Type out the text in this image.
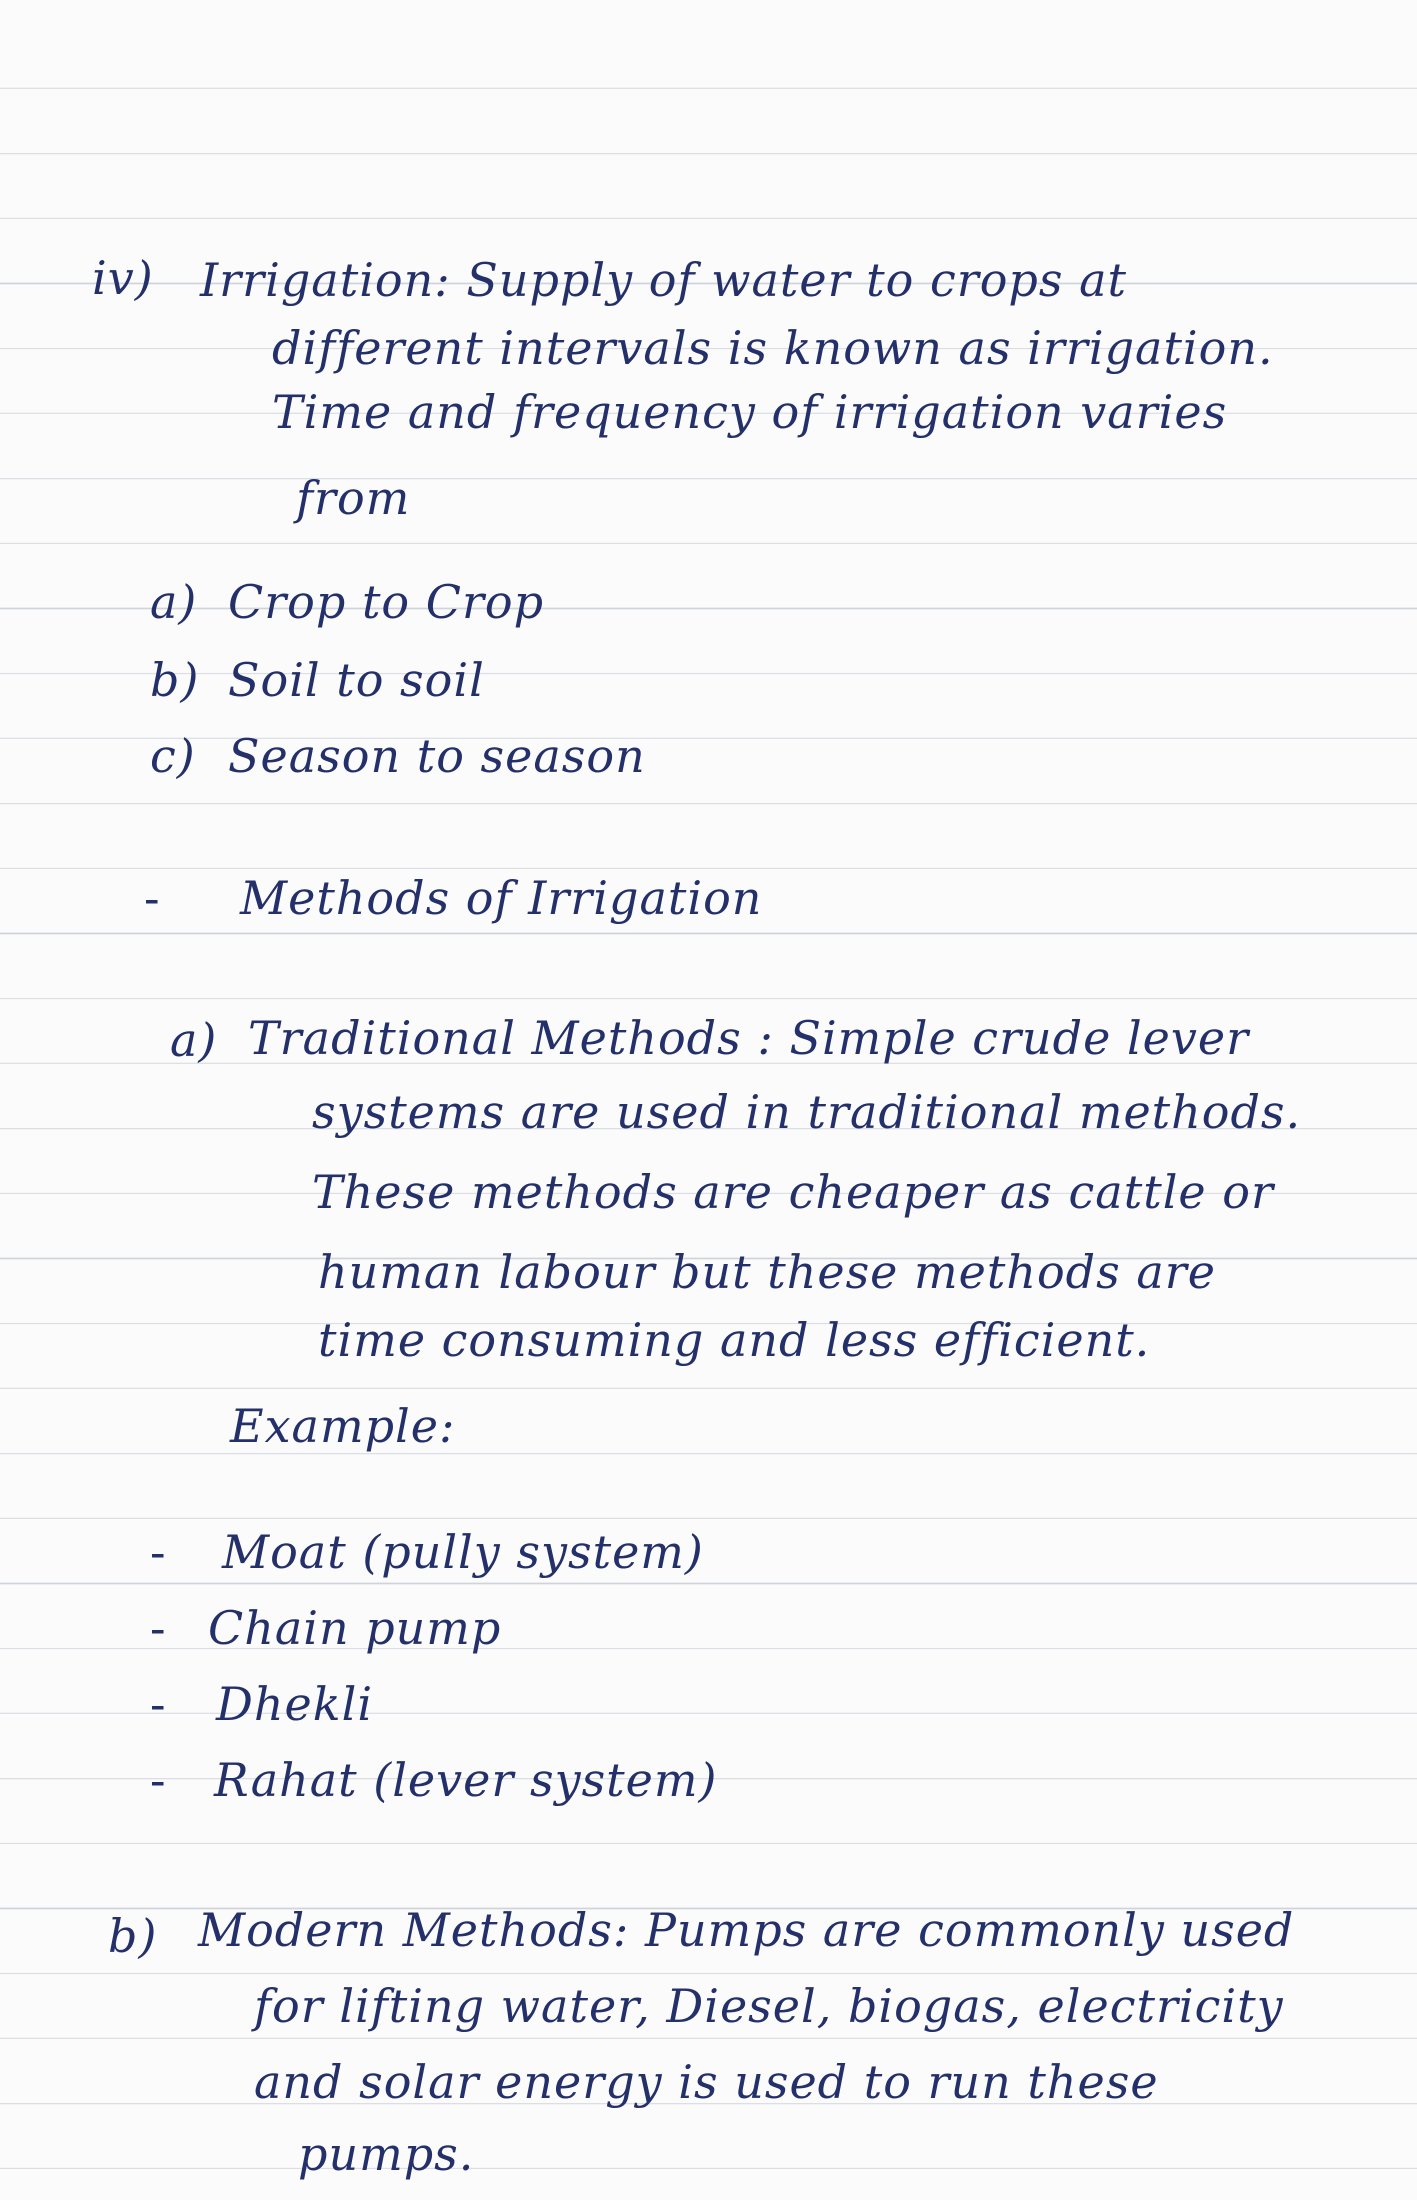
iv) Irrigation: Supply of water to crops at
different intervals is known as irrigation.
Time and frequency of irrigation varies
from
a) Crop to Crop
b) Soil to soil
c) Season to season
- Methods of Irrigation
a) Traditional Methods : Simple crude lever
systems are used in traditional methods.
These methods are cheaper as cattle or
human labour but these methods are
time consuming and less efficient.
Example:
- Moat (pully system)
- Chain pump
- Dhekli
- Rahat (lever system)
b) Modern Methods: Pumps are commonly used
for lifting water, Diesel, biogas, electricity
and solar energy is used to run these
pumps.
